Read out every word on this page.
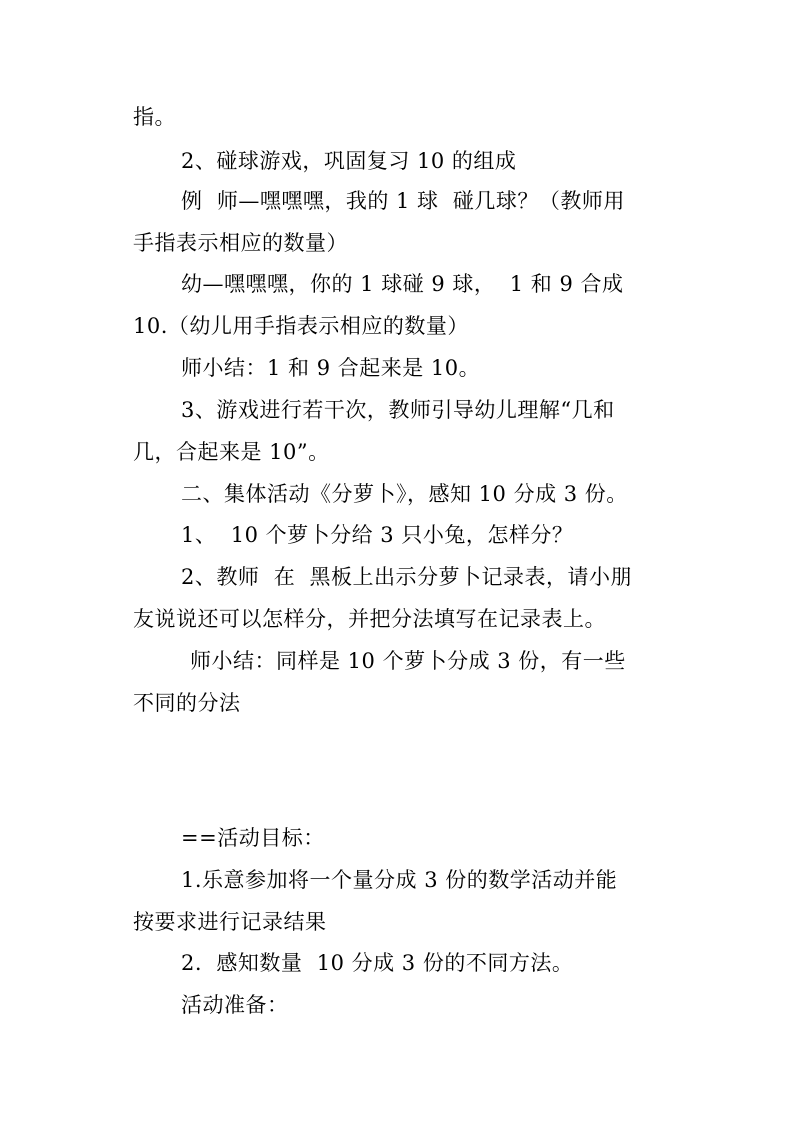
指。
2、碰球游戏，巩固复习 10 的组成
例  师—嘿嘿嘿，我的 1 球  碰几球？（教师用
手指表示相应的数量）
幼—嘿嘿嘿，你的 1 球碰 9 球，  1 和 9 合成
10.（幼儿用手指表示相应的数量）
师小结：1 和 9 合起来是 10。
3、游戏进行若干次，教师引导幼儿理解“几和
几，合起来是 10”。
二、集体活动《分萝卜》，感知 10 分成 3 份。
1、  10 个萝卜分给 3 只小兔，怎样分？
2、教师  在  黑板上出示分萝卜记录表，请小朋
友说说还可以怎样分，并把分法填写在记录表上。
师小结：同样是 10 个萝卜分成 3 份，有一些
不同的分法
==活动目标：
1.乐意参加将一个量分成 3 份的数学活动并能
按要求进行记录结果
2.  感知数量  10 分成 3 份的不同方法。
活动准备：
